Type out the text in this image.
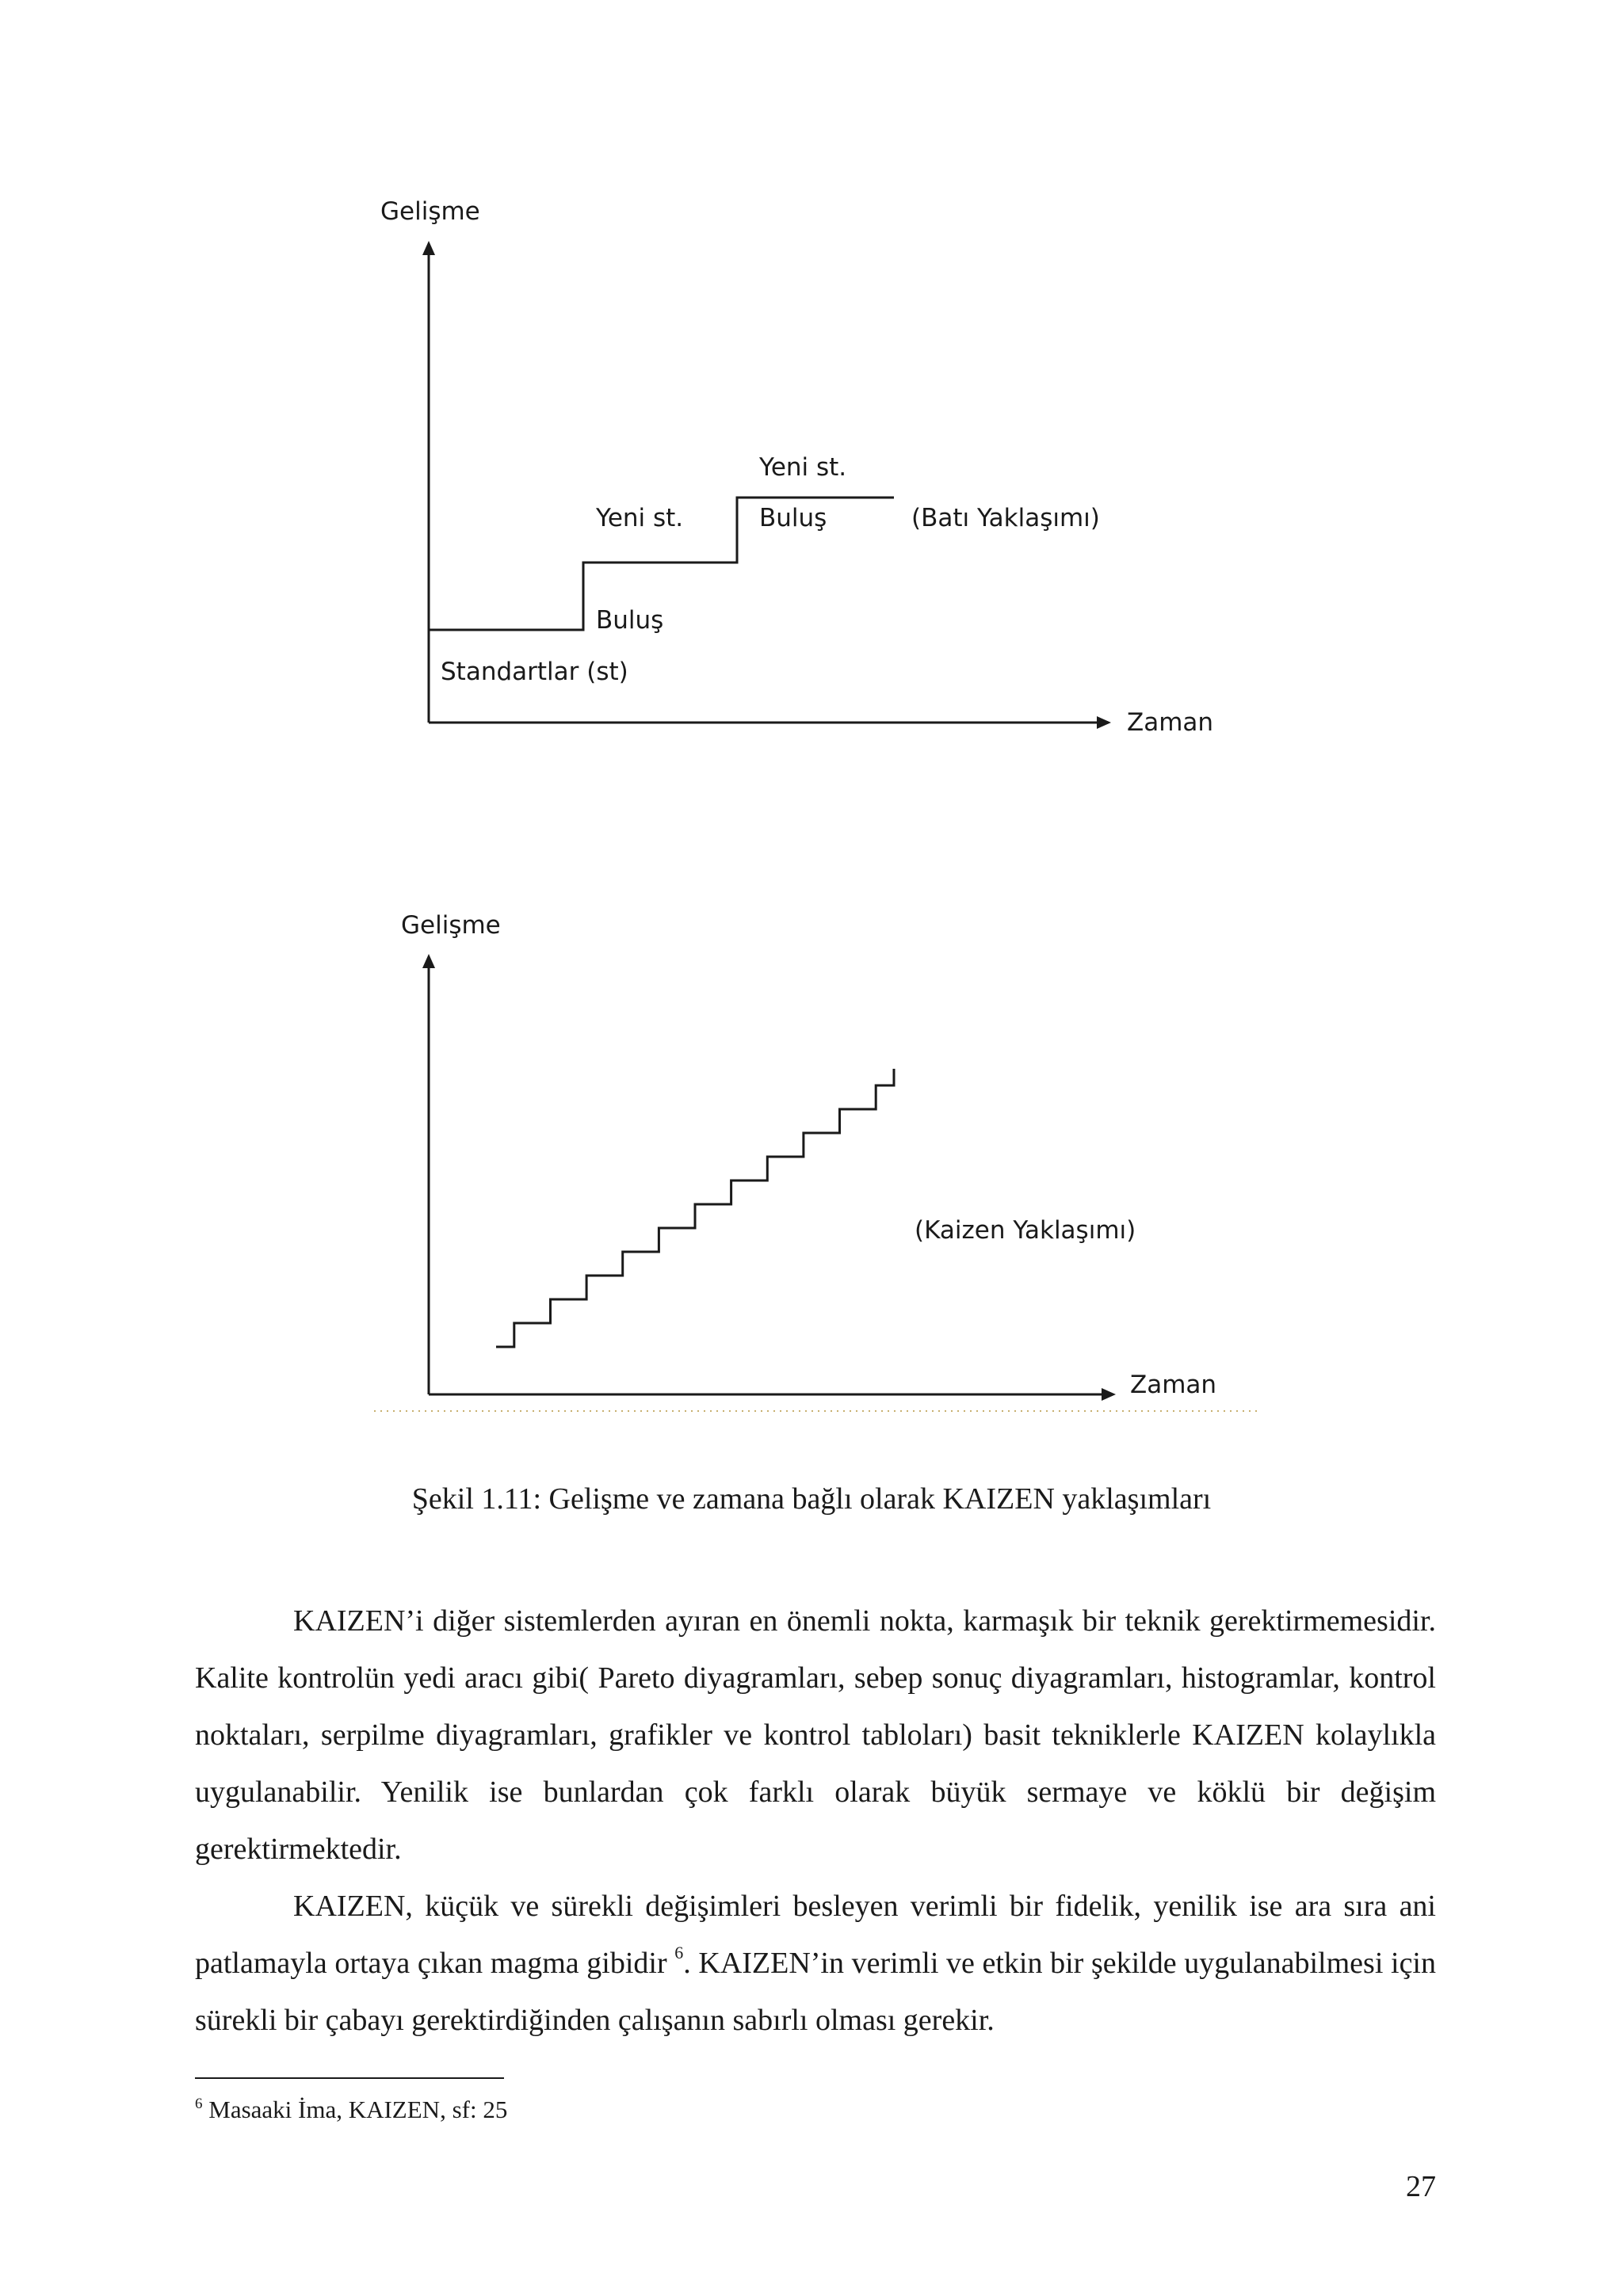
Gelişme
Zaman
Standartlar (st)
Buluş
Yeni st.	Buluş
Yeni st.
(Batı Yaklaşımı)
Gelişme
Zaman
(Kaizen Yaklaşımı)
Şekil 1.11: Gelişme ve zamana bağlı olarak KAIZEN yaklaşımları

KAIZEN’i diğer sistemlerden ayıran en önemli nokta, karmaşık bir teknik gerektirmemesidir. Kalite kontrolün yedi aracı gibi( Pareto diyagramları, sebep sonuç diyagramları, histogramlar, kontrol noktaları, serpilme diyagramları, grafikler ve kontrol tabloları) basit tekniklerle KAIZEN kolaylıkla uygulanabilir. Yenilik ise bunlardan çok farklı olarak büyük sermaye ve köklü bir değişim gerektirmektedir.

KAIZEN, küçük ve sürekli değişimleri besleyen verimli bir fidelik, yenilik ise ara sıra ani patlamayla ortaya çıkan magma gibidir $^6$. KAIZEN’in verimli ve etkin bir şekilde uygulanabilmesi için sürekli bir çabayı gerektirdiğinden çalışanın sabırlı olması gerekir.

$^6$ Masaaki İma, KAIZEN, sf: 25
27
